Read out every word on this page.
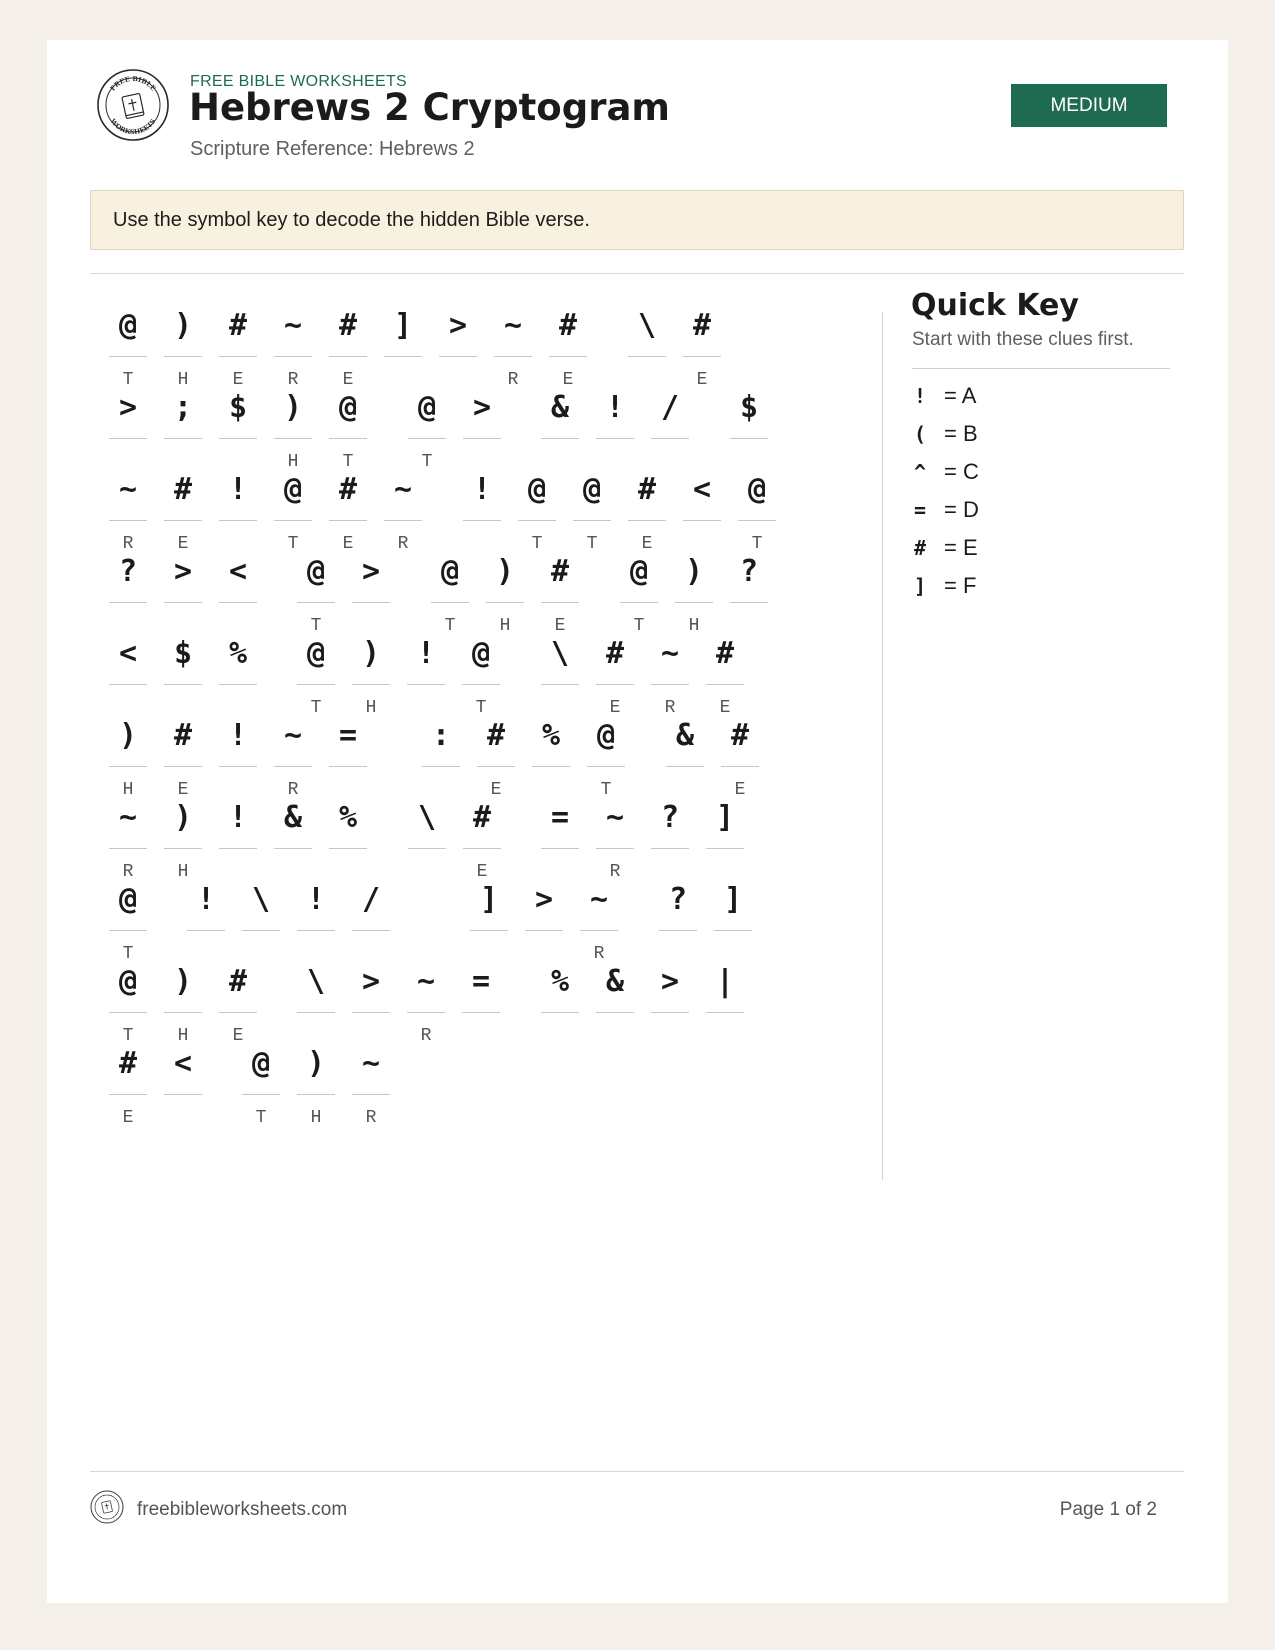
FREE BIBLE
WORKSHEETS
FREE BIBLE WORKSHEETS
Hebrews 2 Cryptogram
Scripture Reference: Hebrews 2
MEDIUM
Use the symbol key to decode the hidden Bible verse.
@
T
)
H
#
E
~
R
#
E
]	>	~
R
#
E
\	#
E
>	;	$	)
H
@
T
@
T
>	&	!	/	$
~
R
#
E
!	@
T
#
E
~
R
!	@
T
@
T
#
E
<	@
T
?	>	<	@
T
>	@
T
)
H
#
E
@
T
)
H
?
<	$	%	@
T
)
H
!	@
T
\	#
E
~
R
#
E
)
H
#
E
!	~
R
=	:	#
E
%	@
T
&	#
E
~
R
)
H
!	&	%	\	#
E
=	~
R
?	]
@
T
!	\	!	/	]	>	~
R
?	]
@
T
)
H
#
E
\	>	~
R
=	%	&	>	|
#
E
<	@
T
)
H
~
R
Quick Key
Start with these clues first.
! = A
( = B
^ = C
= = D
# = E
] = F
freebibleworksheets.com	Page 1 of 2
